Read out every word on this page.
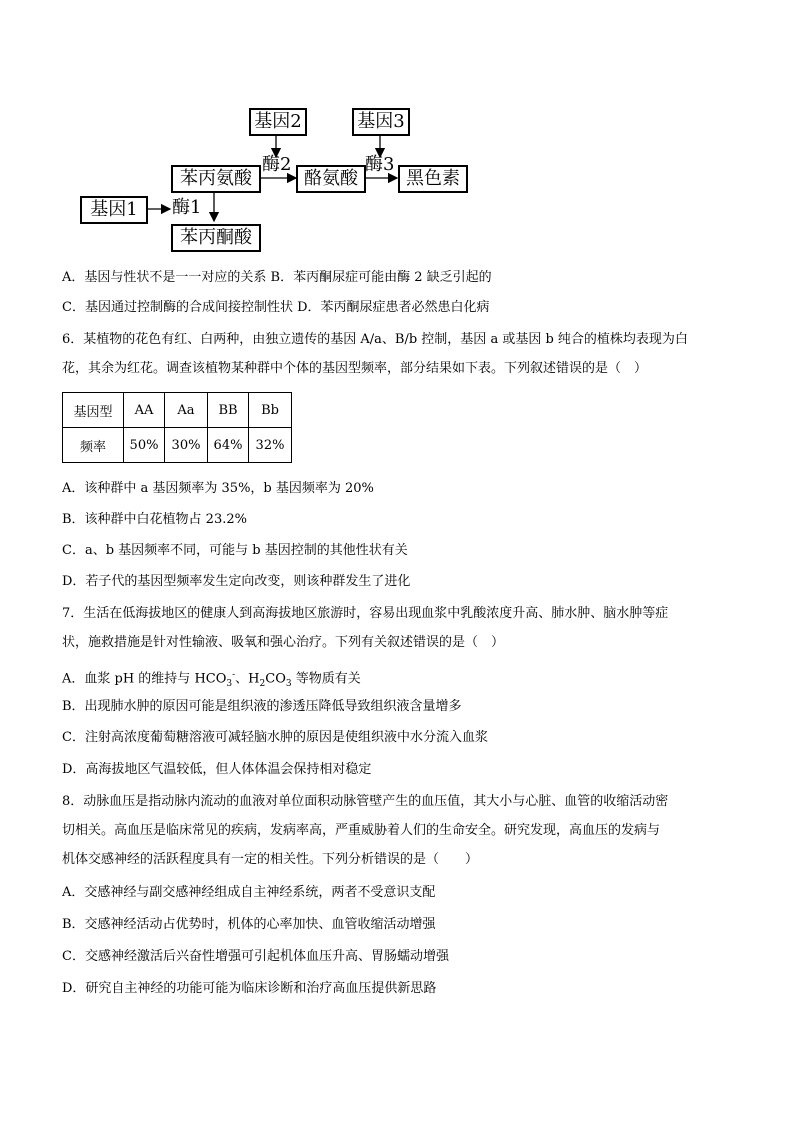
基因2	基因3
苯丙氨酸
酶2
酪氨酸
酶3
黑色素
基因1	酶1
苯丙酮酸
A．基因与性状不是一一对应的关系 B．苯丙酮尿症可能由酶 2 缺乏引起的
C．基因通过控制酶的合成间接控制性状 D．苯丙酮尿症患者必然患白化病
6．某植物的花色有红、白两种，由独立遗传的基因 A/a、B/b 控制，基因 a 或基因 b 纯合的植株均表现为白
花，其余为红花。调查该植物某种群中个体的基因型频率，部分结果如下表。下列叙述错误的是（　）
基因型	AA	Aa	BB	Bb
频率	50%	30%	64%	32%
A．该种群中 a 基因频率为 35%，b 基因频率为 20%
B．该种群中白花植物占 23.2%
C．a、b 基因频率不同，可能与 b 基因控制的其他性状有关
D．若子代的基因型频率发生定向改变，则该种群发生了进化
7．生活在低海拔地区的健康人到高海拔地区旅游时，容易出现血浆中乳酸浓度升高、肺水肿、脑水肿等症
状，施救措施是针对性输液、吸氧和强心治疗。下列有关叙述错误的是（　）
A．血浆 pH 的维持与 $HCO_3^-$、$H_2CO_3$ 等物质有关
B．出现肺水肿的原因可能是组织液的渗透压降低导致组织液含量增多
C．注射高浓度葡萄糖溶液可减轻脑水肿的原因是使组织液中水分流入血浆
D．高海拔地区气温较低，但人体体温会保持相对稳定
8．动脉血压是指动脉内流动的血液对单位面积动脉管壁产生的血压值，其大小与心脏、血管的收缩活动密
切相关。高血压是临床常见的疾病，发病率高，严重威胁着人们的生命安全。研究发现，高血压的发病与
机体交感神经的活跃程度具有一定的相关性。下列分析错误的是（　　）
A．交感神经与副交感神经组成自主神经系统，两者不受意识支配
B．交感神经活动占优势时，机体的心率加快、血管收缩活动增强
C．交感神经激活后兴奋性增强可引起机体血压升高、胃肠蠕动增强
D．研究自主神经的功能可能为临床诊断和治疗高血压提供新思路
